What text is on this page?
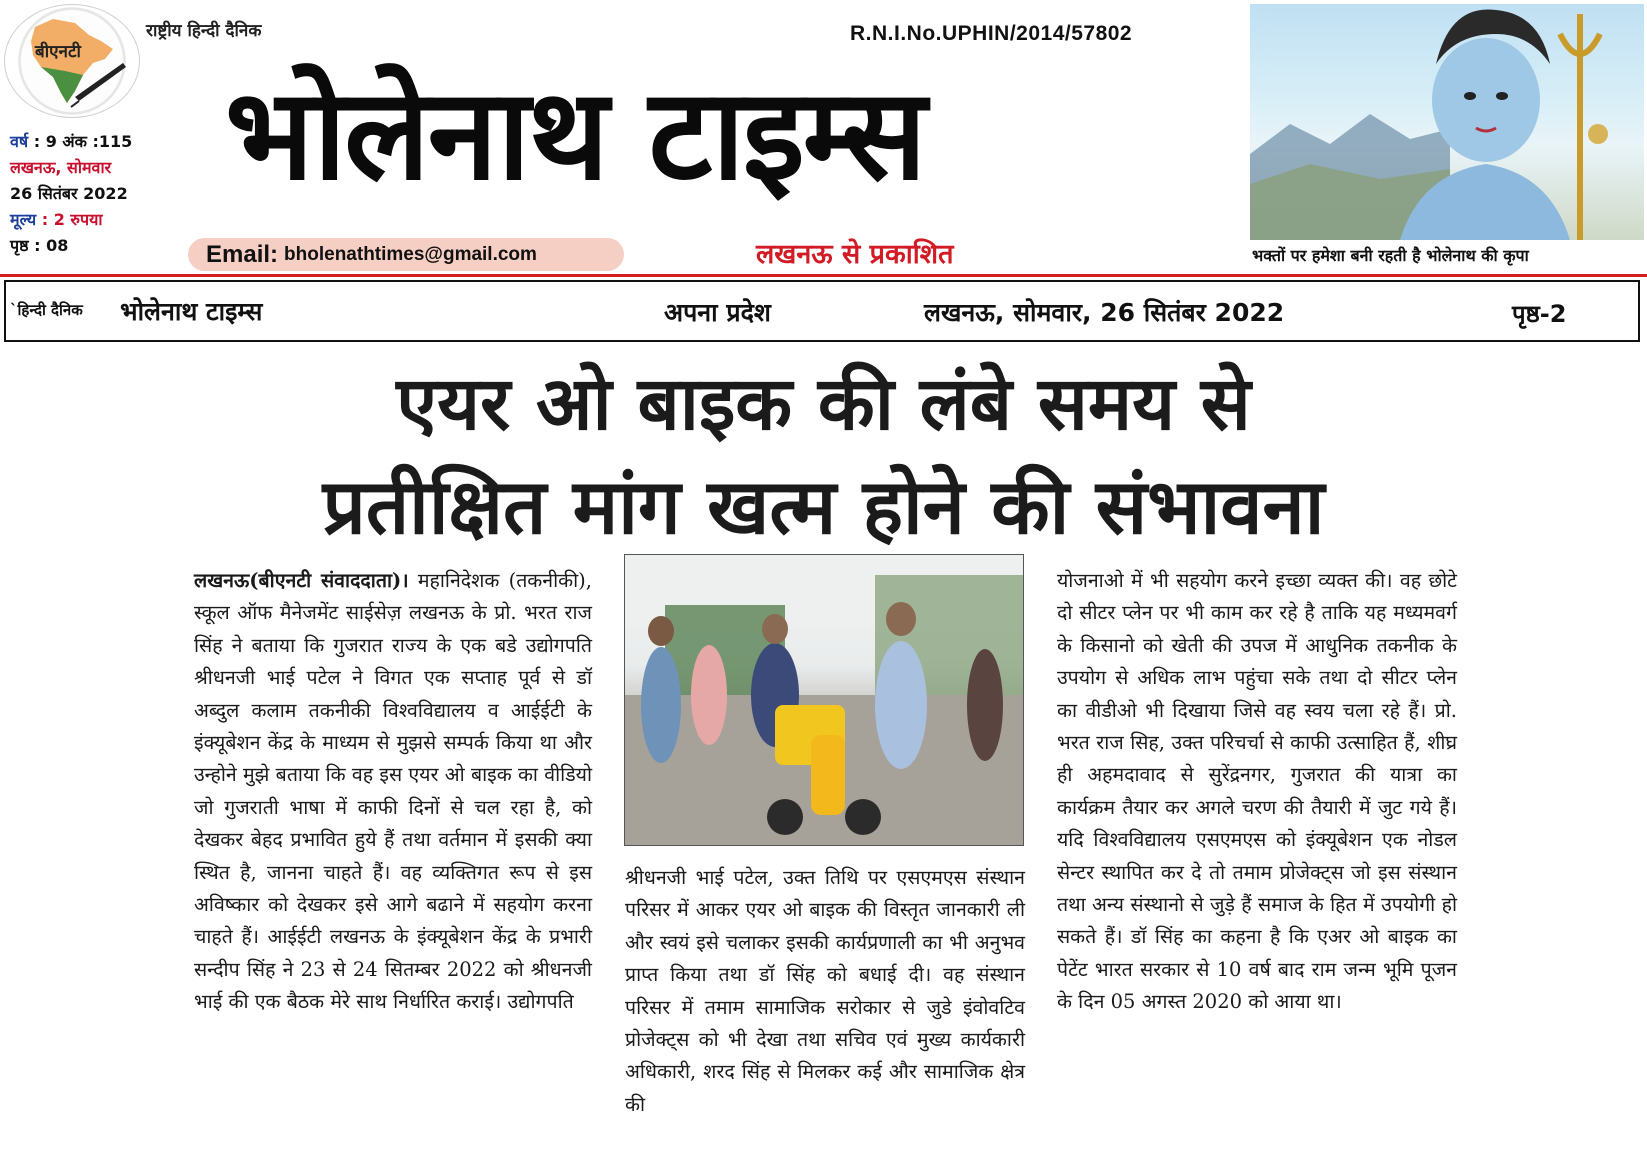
बीएनटी
राष्ट्रीय हिन्दी दैनिक
वर्ष : 9 अंक :115
लखनऊ, सोमवार
26 सितंबर 2022
मूल्य : 2 रुपया
पृष्ठ : 08
R.N.I.No.UPHIN/2014/57802
भोलेनाथ टाइम्स
Email: bholenathtimes@gmail.com	लखनऊ से प्रकाशित	भक्तों पर हमेशा बनी रहती है भोलेनाथ की कृपा
`हिन्दी दैनिक भोलेनाथ टाइम्स	अपना प्रदेश	लखनऊ, सोमवार, 26 सितंबर 2022	पृष्ठ-2
एयर ओ बाइक की लंबे समय से
प्रतीक्षित मांग खत्म होने की संभावना
लखनऊ(बीएनटी संवाददाता)। महानिदेशक (तकनीकी), स्कूल ऑफ मैनेजमेंट साईसेज़ लखनऊ के प्रो. भरत राज सिंह ने बताया कि गुजरात राज्य के एक बडे उद्योगपति श्रीधनजी भाई पटेल ने विगत एक सप्ताह पूर्व से डॉ अब्दुल कलाम तकनीकी विश्वविद्यालय व आईईटी के इंक्यूबेशन केंद्र के माध्यम से मुझसे सम्पर्क किया था और उन्होने मुझे बताया कि वह इस एयर ओ बाइक का वीडियो जो गुजराती भाषा में काफी दिनों से चल रहा है, को देखकर बेहद प्रभावित हुये हैं तथा वर्तमान में इसकी क्या स्थित है, जानना चाहते हैं। वह व्यक्तिगत रूप से इस अविष्कार को देखकर इसे आगे बढाने में सहयोग करना चाहते हैं। आईईटी लखनऊ के इंक्यूबेशन केंद्र के प्रभारी सन्दीप सिंह ने 23 से 24 सितम्बर 2022 को श्रीधनजी भाई की एक बैठक मेरे साथ निर्धारित कराई। उद्योगपति
श्रीधनजी भाई पटेल, उक्त तिथि पर एसएमएस संस्थान परिसर में आकर एयर ओ बाइक की विस्तृत जानकारी ली और स्वयं इसे चलाकर इसकी कार्यप्रणाली का भी अनुभव प्राप्त किया तथा डॉ सिंह को बधाई दी। वह संस्थान परिसर में तमाम सामाजिक सरोकार से जुडे इंवोवटिव प्रोजेक्ट्स को भी देखा तथा सचिव एवं मुख्य कार्यकारी अधिकारी, शरद सिंह से मिलकर कई और सामाजिक क्षेत्र की
योजनाओ में भी सहयोग करने इच्छा व्यक्त की। वह छोटे दो सीटर प्लेन पर भी काम कर रहे है ताकि यह मध्यमवर्ग के किसानो को खेती की उपज में आधुनिक तकनीक के उपयोग से अधिक लाभ पहुंचा सके तथा दो सीटर प्लेन का वीडीओ भी दिखाया जिसे वह स्वय चला रहे हैं। प्रो. भरत राज सिह, उक्त परिचर्चा से काफी उत्साहित हैं, शीघ्र ही अहमदावाद से सुरेंद्रनगर, गुजरात की यात्रा का कार्यक्रम तैयार कर अगले चरण की तैयारी में जुट गये हैं। यदि विश्वविद्यालय एसएमएस को इंक्यूबेशन एक नोडल सेन्टर स्थापित कर दे तो तमाम प्रोजेक्ट्स जो इस संस्थान तथा अन्य संस्थानो से जुड़े हैं समाज के हित में उपयोगी हो सकते हैं। डॉ सिंह का कहना है कि एअर ओ बाइक का पेटेंट भारत सरकार से 10 वर्ष बाद राम जन्म भूमि पूजन के दिन 05 अगस्त 2020 को आया था।
